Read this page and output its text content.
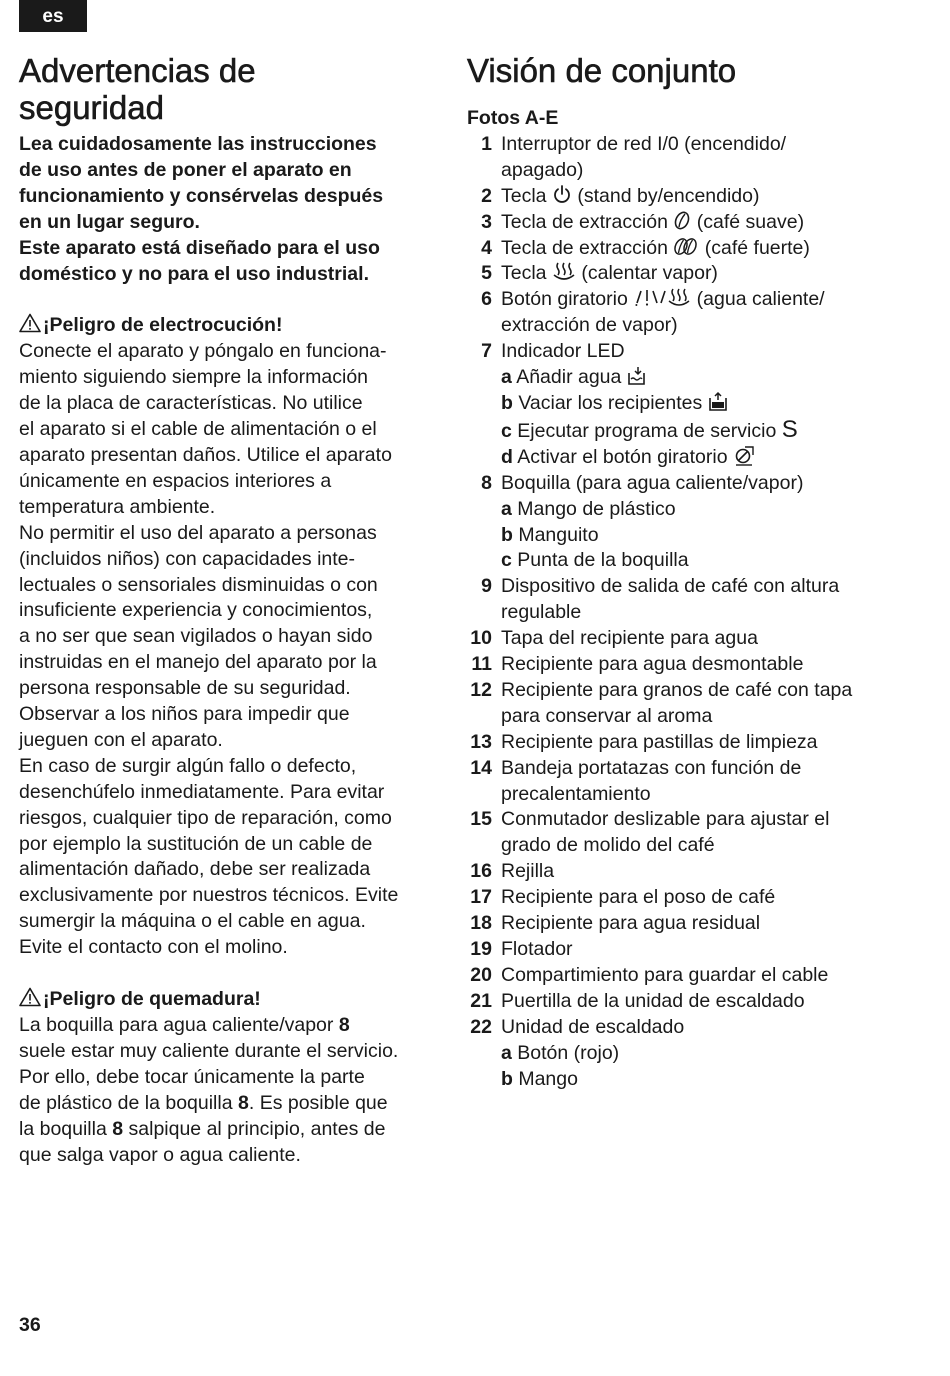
es
Advertencias de seguridad

Lea cuidadosamente las instrucciones

de uso antes de poner el aparato en

funcionamiento y consérvelas después

en un lugar seguro.

Este aparato está diseñado para el uso

doméstico y no para el uso industrial.

¡Peligro de electrocución!

Conecte el aparato y póngalo en funciona-

miento siguiendo siempre la información

de la placa de características. No utilice

el aparato si el cable de alimentación o el

aparato presentan daños. Utilice el aparato

únicamente en espacios interiores a

temperatura ambiente.

No permitir el uso del aparato a personas

(incluidos niños) con capacidades inte-

lectuales o sensoriales disminuidas o con

insuficiente experiencia y conocimientos,

a no ser que sean vigilados o hayan sido

instruidas en el manejo del aparato por la

persona responsable de su seguridad.

Observar a los niños para impedir que

jueguen con el aparato.

En caso de surgir algún fallo o defecto,

desenchúfelo inmediatamente. Para evitar

riesgos, cualquier tipo de reparación, como

por ejemplo la sustitución de un cable de

alimentación dañado, debe ser realizada

exclusivamente por nuestros técnicos. Evite

sumergir la máquina o el cable en agua.

Evite el contacto con el molino.

¡Peligro de quemadura!

La boquilla para agua caliente/vapor 8

suele estar muy caliente durante el servicio.

Por ello, debe tocar únicamente la parte

de plástico de la boquilla 8. Es posible que

la boquilla 8 salpique al principio, antes de

que salga vapor o agua caliente.

Visión de conjunto

Fotos A-E

1 Interruptor de red I/0 (encendido/
apagado)
2 Tecla  (stand by/encendido)
3 Tecla de extracción  (café suave)
4 Tecla de extracción  (café fuerte)
5 Tecla  (calentar vapor)
6 Botón giratorio	(agua caliente/
extracción de vapor)
7 Indicador LED
a Añadir agua
b Vaciar los recipientes
c Ejecutar programa de servicio S
d Activar el botón giratorio
8 Boquilla (para agua caliente/vapor)
a Mango de plástico
b Manguito
c Punta de la boquilla
9 Dispositivo de salida de café con altura
regulable
10 Tapa del recipiente para agua
11 Recipiente para agua desmontable
12 Recipiente para granos de café con tapa
para conservar al aroma
13 Recipiente para pastillas de limpieza
14 Bandeja portatazas con función de
precalentamiento
15 Conmutador deslizable para ajustar el
grado de molido del café
16 Rejilla
17 Recipiente para el poso de café
18 Recipiente para agua residual
19 Flotador
20 Compartimiento para guardar el cable
21 Puertilla de la unidad de escaldado
22 Unidad de escaldado
a Botón (rojo)
b Mango
36
